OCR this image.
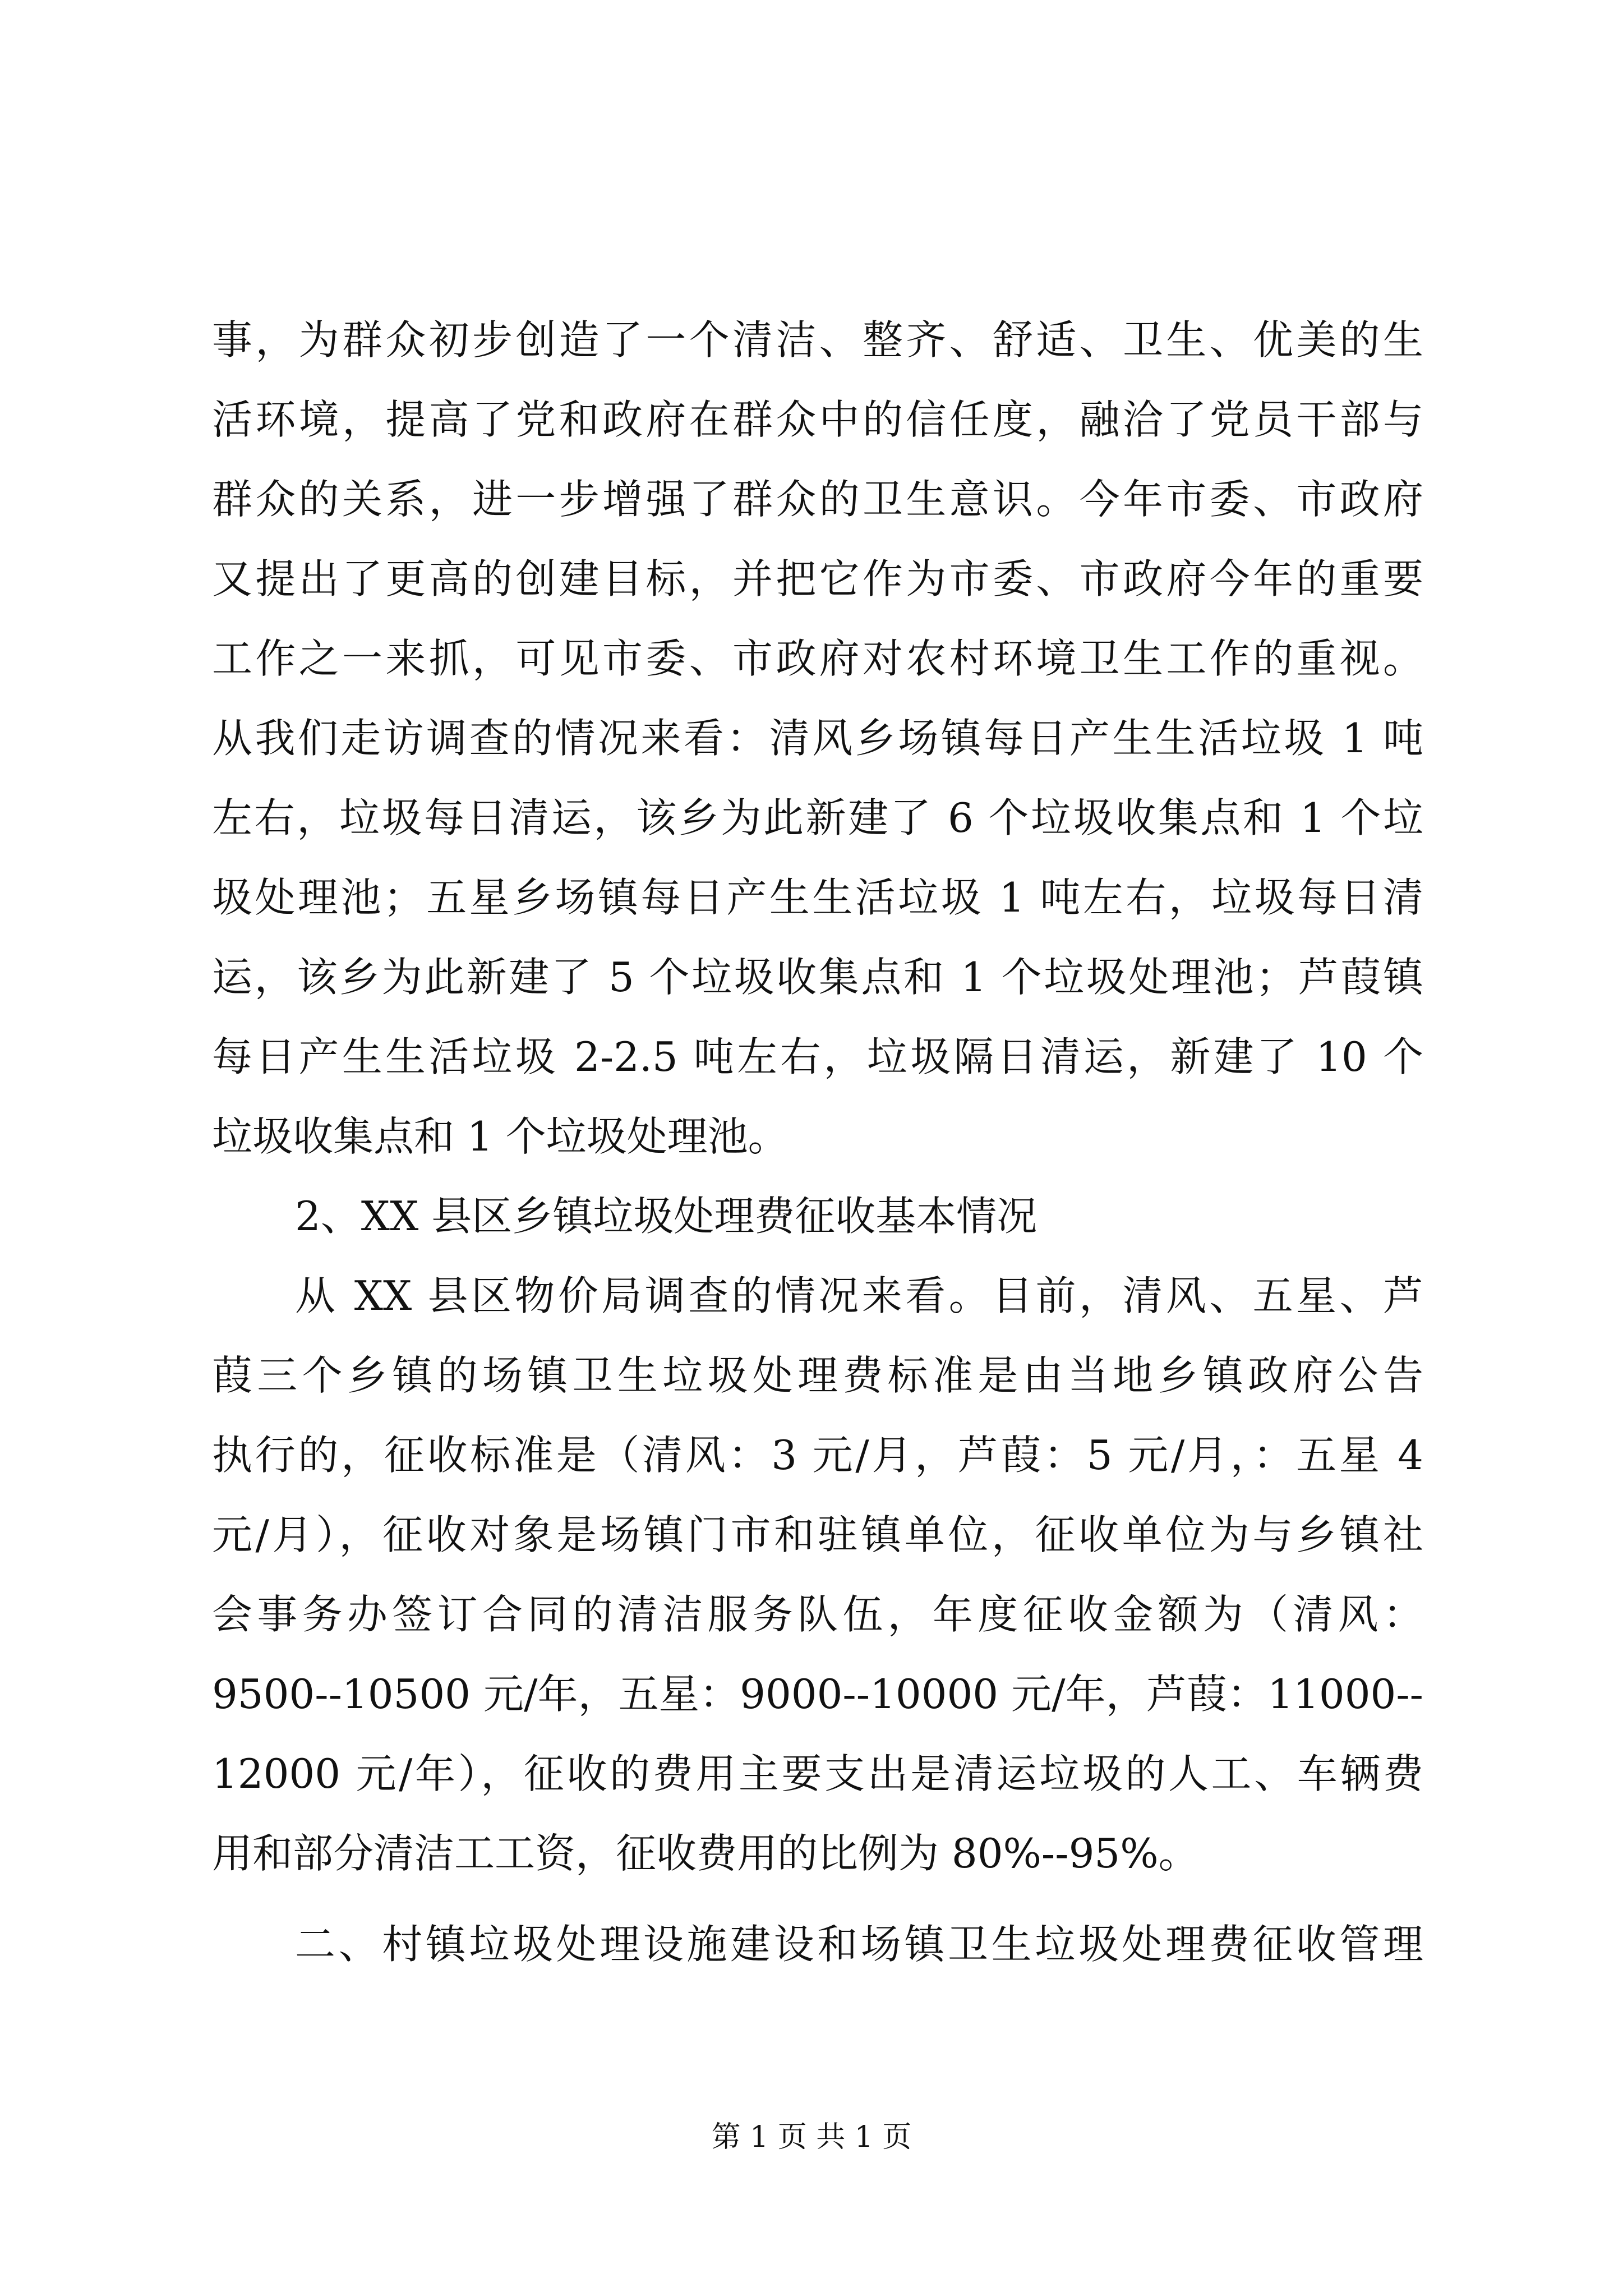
事，为群众初步创造了一个清洁、整齐、舒适、卫生、优美的生
活环境，提高了党和政府在群众中的信任度，融洽了党员干部与
群众的关系，进一步增强了群众的卫生意识。今年市委、市政府
又提出了更高的创建目标，并把它作为市委、市政府今年的重要
工作之一来抓，可见市委、市政府对农村环境卫生工作的重视。
从我们走访调查的情况来看：清风乡场镇每日产生生活垃圾 1 吨
左右，垃圾每日清运，该乡为此新建了 6 个垃圾收集点和 1 个垃
圾处理池；五星乡场镇每日产生生活垃圾 1 吨左右，垃圾每日清
运，该乡为此新建了 5 个垃圾收集点和 1 个垃圾处理池；芦葭镇
每日产生生活垃圾 2-2.5 吨左右，垃圾隔日清运，新建了 10 个
垃圾收集点和 1 个垃圾处理池。
2、XX 县区乡镇垃圾处理费征收基本情况
从 XX 县区物价局调查的情况来看。目前，清风、五星、芦
葭三个乡镇的场镇卫生垃圾处理费标准是由当地乡镇政府公告
执行的，征收标准是（清风：3 元/月，芦葭：5 元/月，：五星 4
元/月），征收对象是场镇门市和驻镇单位，征收单位为与乡镇社
会事务办签订合同的清洁服务队伍，年度征收金额为（清风：
9500--10500 元/年，五星：9000--10000 元/年，芦葭：11000--
12000 元/年），征收的费用主要支出是清运垃圾的人工、车辆费
用和部分清洁工工资，征收费用的比例为 80%--95%。
二、村镇垃圾处理设施建设和场镇卫生垃圾处理费征收管理
第 1 页 共 1 页
